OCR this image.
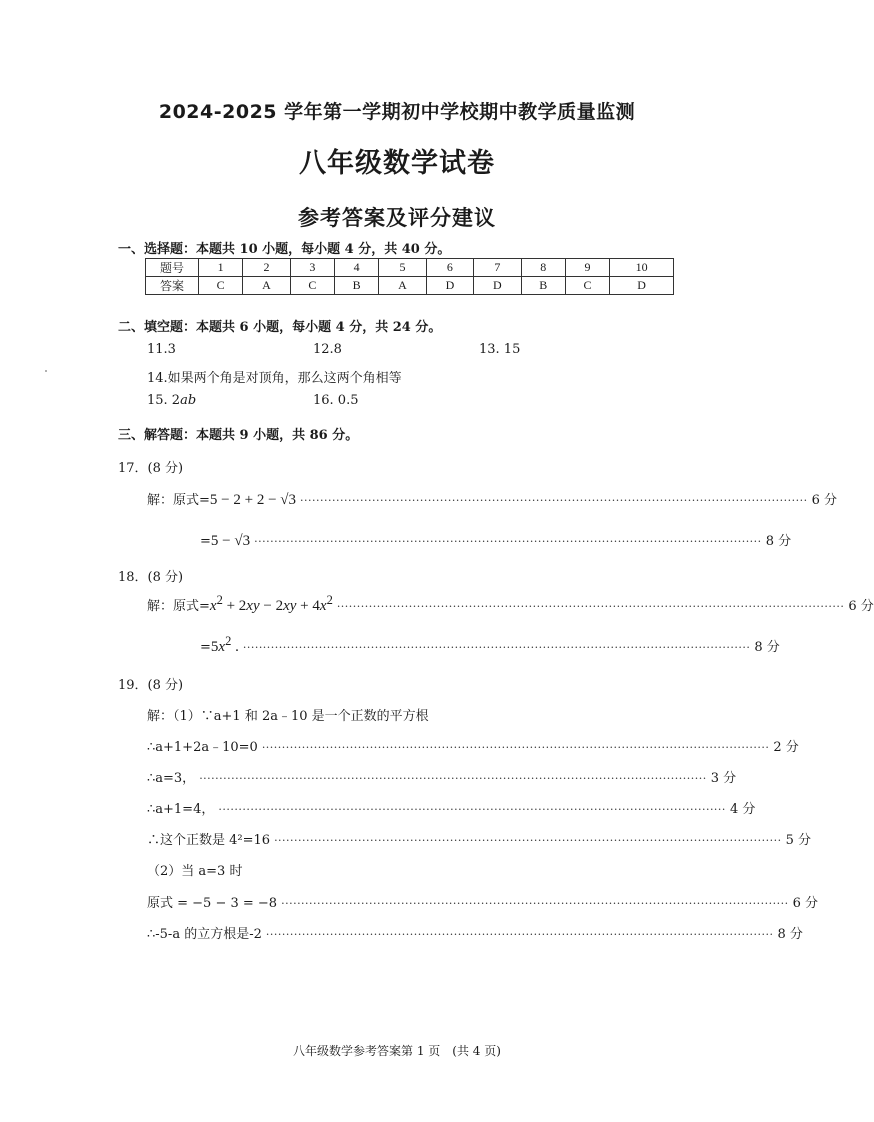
2024-2025 学年第一学期初中学校期中教学质量监测
八年级数学试卷
参考答案及评分建议
一、选择题：本题共 10 小题，每小题 4 分，共 40 分。
题号	1	2	3	4	5	6	7	8	9	10
答案	C	A	C	B	A	D	D	B	C	D
二、填空题：本题共 6 小题，每小题 4 分，共 24 分。
11.3	12.8	13. 15
14.如果两个角是对顶角，那么这两个角相等
15. 2ab	16. 0.5
三、解答题：本题共 9 小题，共 86 分。
17．(8 分)
解：原式= 5 − 2 + 2 − √3 ······························································································································· 6 分
= 5 − √3 ······························································································································· 8 分
18．(8 分)
解：原式= $x^2 + 2xy - 2xy + 4x^2$ ······························································································································· 6 分
= $5x^2$ . ······························································································································· 8 分
19．(8 分)
解：（1）∵a+1 和 2a﹣10 是一个正数的平方根
∴a+1+2a﹣10=0 ······························································································································· 2 分
∴a=3， ······························································································································· 3 分
∴a+1=4， ······························································································································· 4 分
∴这个正数是 4²=16 ······························································································································· 5 分
（2）当 a=3 时
原式 = −5 − 3 = −8 ······························································································································· 6 分
∴-5-a 的立方根是-2 ······························································································································· 8 分
八年级数学参考答案第 1 页　(共 4 页)
